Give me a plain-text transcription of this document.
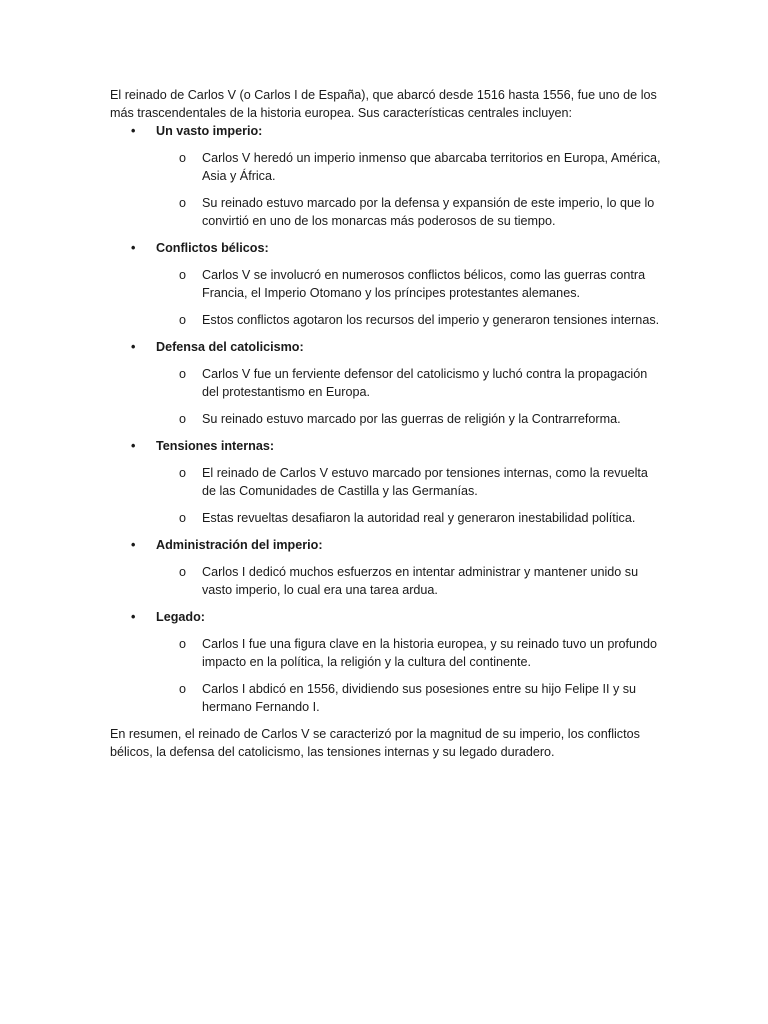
El reinado de Carlos V (o Carlos I de España), que abarcó desde 1516 hasta 1556, fue uno de los más trascendentales de la historia europea. Sus características centrales incluyen:

• Un vasto imperio:
o Carlos V heredó un imperio inmenso que abarcaba territorios en Europa, América, Asia y África.
o Su reinado estuvo marcado por la defensa y expansión de este imperio, lo que lo convirtió en uno de los monarcas más poderosos de su tiempo.
• Conflictos bélicos:
o Carlos V se involucró en numerosos conflictos bélicos, como las guerras contra Francia, el Imperio Otomano y los príncipes protestantes alemanes.
o Estos conflictos agotaron los recursos del imperio y generaron tensiones internas.
• Defensa del catolicismo:
o Carlos V fue un ferviente defensor del catolicismo y luchó contra la propagación del protestantismo en Europa.
o Su reinado estuvo marcado por las guerras de religión y la Contrarreforma.
• Tensiones internas:
o El reinado de Carlos V estuvo marcado por tensiones internas, como la revuelta de las Comunidades de Castilla y las Germanías.
o Estas revueltas desafiaron la autoridad real y generaron inestabilidad política.
• Administración del imperio:
o Carlos I dedicó muchos esfuerzos en intentar administrar y mantener unido su vasto imperio, lo cual era una tarea ardua.
• Legado:
o Carlos I fue una figura clave en la historia europea, y su reinado tuvo un profundo impacto en la política, la religión y la cultura del continente.
o Carlos I abdicó en 1556, dividiendo sus posesiones entre su hijo Felipe II y su hermano Fernando I.

En resumen, el reinado de Carlos V se caracterizó por la magnitud de su imperio, los conflictos bélicos, la defensa del catolicismo, las tensiones internas y su legado duradero.
